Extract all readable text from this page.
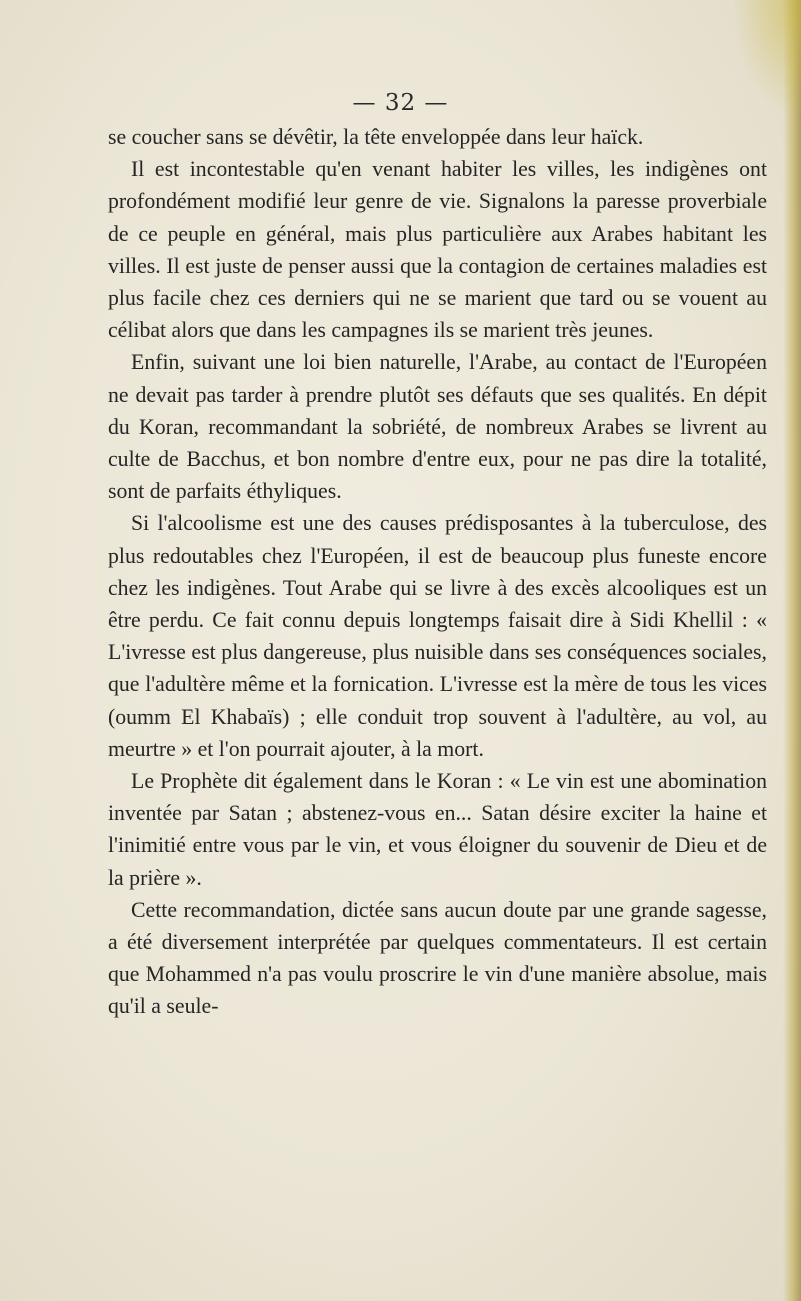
— 32 —

se coucher sans se dévêtir, la tête enveloppée dans leur haïck.

Il est incontestable qu'en venant habiter les villes, les indigènes ont profondément modifié leur genre de vie. Signalons la paresse proverbiale de ce peuple en général, mais plus particulière aux Arabes habitant les villes. Il est juste de penser aussi que la contagion de certaines maladies est plus facile chez ces derniers qui ne se marient que tard ou se vouent au célibat alors que dans les campagnes ils se marient très jeunes.

Enfin, suivant une loi bien naturelle, l'Arabe, au contact de l'Européen ne devait pas tarder à prendre plutôt ses défauts que ses qualités. En dépit du Koran, recommandant la sobriété, de nombreux Arabes se livrent au culte de Bacchus, et bon nombre d'entre eux, pour ne pas dire la totalité, sont de parfaits éthyliques.

Si l'alcoolisme est une des causes prédisposantes à la tuberculose, des plus redoutables chez l'Européen, il est de beaucoup plus funeste encore chez les indigènes. Tout Arabe qui se livre à des excès alcooliques est un être perdu. Ce fait connu depuis longtemps faisait dire à Sidi Khellil : « L'ivresse est plus dangereuse, plus nuisible dans ses conséquences sociales, que l'adultère même et la fornication. L'ivresse est la mère de tous les vices (oumm El Khabaïs) ; elle conduit trop souvent à l'adultère, au vol, au meurtre » et l'on pourrait ajouter, à la mort.

Le Prophète dit également dans le Koran : « Le vin est une abomination inventée par Satan ; abstenez-vous en... Satan désire exciter la haine et l'inimitié entre vous par le vin, et vous éloigner du souvenir de Dieu et de la prière ».

Cette recommandation, dictée sans aucun doute par une grande sagesse, a été diversement interprétée par quelques commentateurs. Il est certain que Mohammed n'a pas voulu proscrire le vin d'une manière absolue, mais qu'il a seule-
